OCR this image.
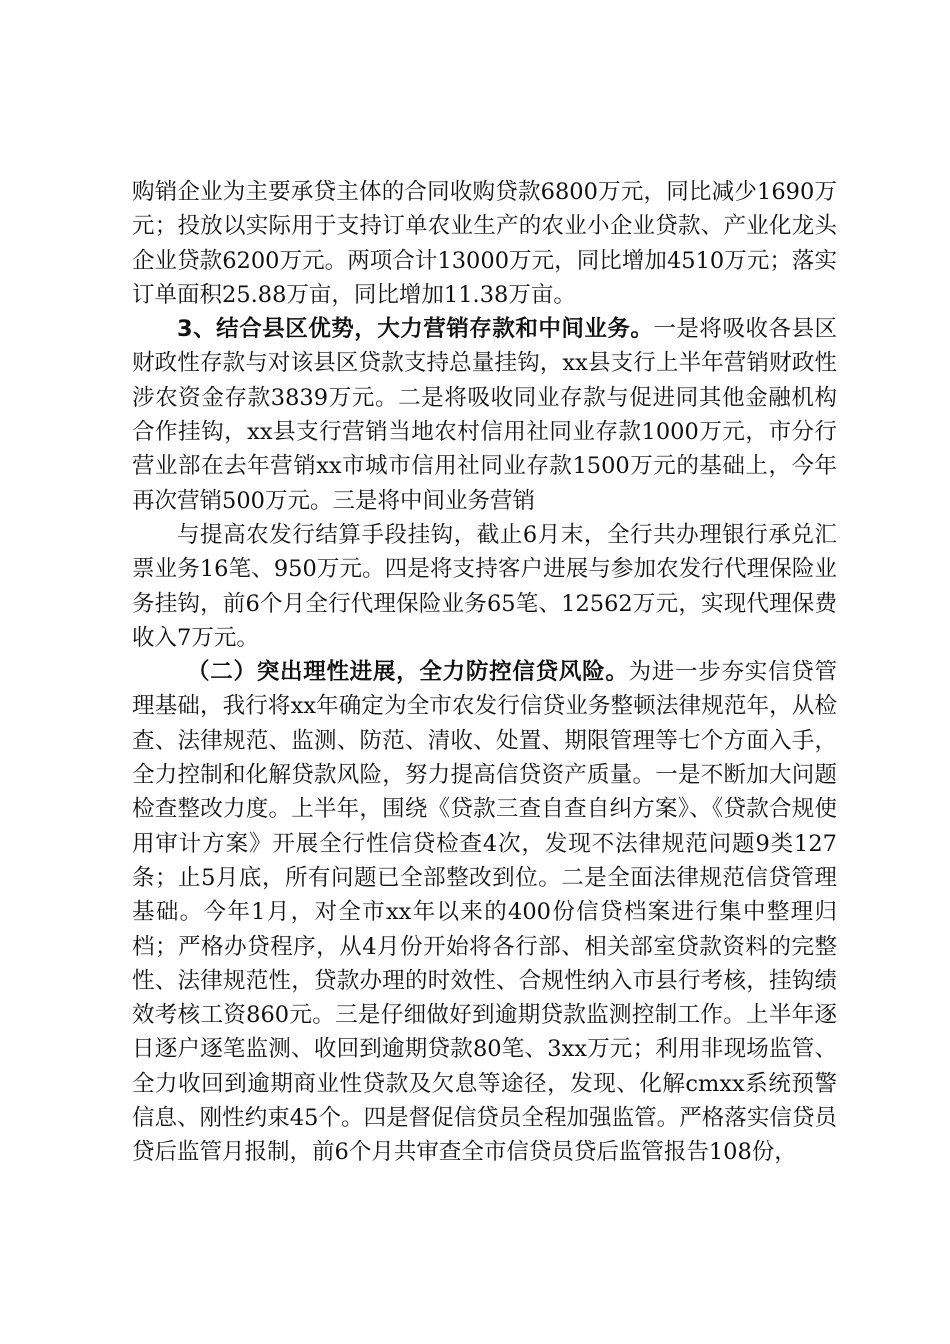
购销企业为主要承贷主体的合同收购贷款6800万元，同比减少1690万元；投放以实际用于支持订单农业生产的农业小企业贷款、产业化龙头企业贷款6200万元。两项合计13000万元，同比增加4510万元；落实订单面积25.88万亩，同比增加11.38万亩。

3、结合县区优势，大力营销存款和中间业务。一是将吸收各县区财政性存款与对该县区贷款支持总量挂钩，xx县支行上半年营销财政性涉农资金存款3839万元。二是将吸收同业存款与促进同其他金融机构合作挂钩，xx县支行营销当地农村信用社同业存款1000万元，市分行营业部在去年营销xx市城市信用社同业存款1500万元的基础上，今年再次营销500万元。三是将中间业务营销

与提高农发行结算手段挂钩，截止6月末，全行共办理银行承兑汇票业务16笔、950万元。四是将支持客户进展与参加农发行代理保险业务挂钩，前6个月全行代理保险业务65笔、12562万元，实现代理保费收入7万元。

（二）突出理性进展，全力防控信贷风险。为进一步夯实信贷管理基础，我行将xx年确定为全市农发行信贷业务整顿法律规范年，从检查、法律规范、监测、防范、清收、处置、期限管理等七个方面入手，全力控制和化解贷款风险，努力提高信贷资产质量。一是不断加大问题检查整改力度。上半年，围绕《贷款三查自查自纠方案》、《贷款合规使用审计方案》开展全行性信贷检查4次，发现不法律规范问题9类127条；止5月底，所有问题已全部整改到位。二是全面法律规范信贷管理基础。今年1月，对全市xx年以来的400份信贷档案进行集中整理归档；严格办贷程序，从4月份开始将各行部、相关部室贷款资料的完整性、法律规范性，贷款办理的时效性、合规性纳入市县行考核，挂钩绩效考核工资860元。三是仔细做好到逾期贷款监测控制工作。上半年逐日逐户逐笔监测、收回到逾期贷款80笔、3xx万元；利用非现场监管、全力收回到逾期商业性贷款及欠息等途径，发现、化解cmxx系统预警信息、刚性约束45个。四是督促信贷员全程加强监管。严格落实信贷员贷后监管月报制，前6个月共审查全市信贷员贷后监管报告108份，
